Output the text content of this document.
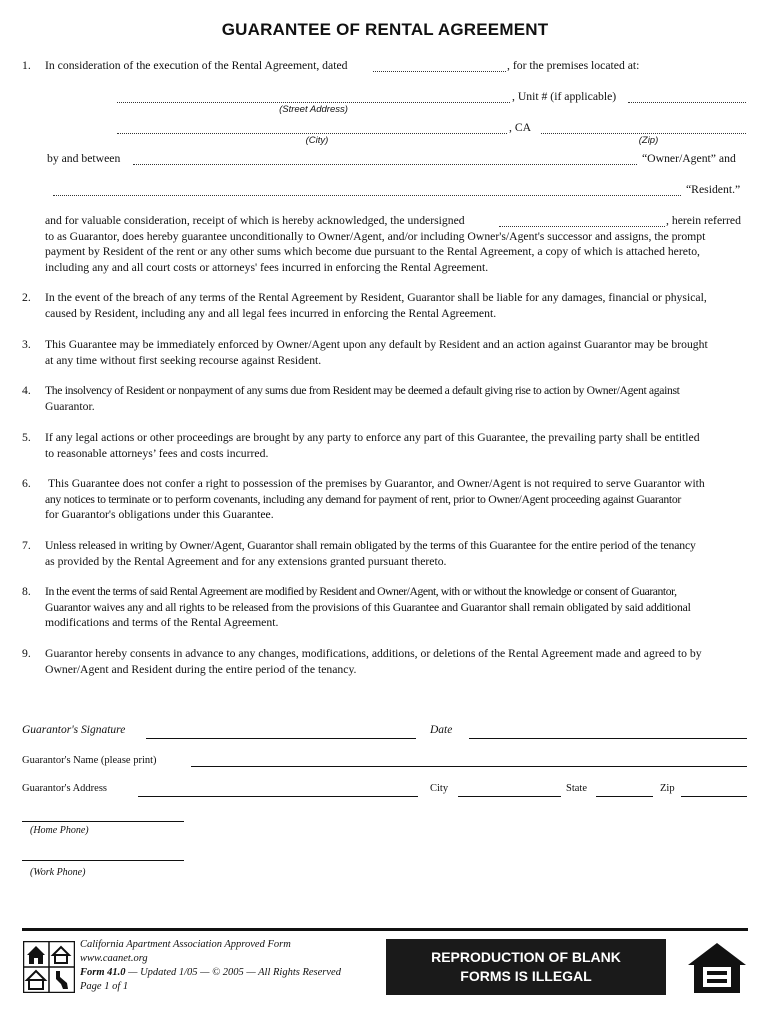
GUARANTEE OF RENTAL AGREEMENT
1. In consideration of the execution of the Rental Agreement, dated	, for the premises located at:
, Unit # (if applicable)
(Street Address)
, CA
(City)	(Zip)
by and between	“Owner/Agent” and
“Resident.”
and for valuable consideration, receipt of which is hereby acknowledged, the undersigned	, herein referred
to as Guarantor, does hereby guarantee unconditionally to Owner/Agent, and/or including Owner's/Agent's successor and assigns, the prompt
payment by Resident of the rent or any other sums which become due pursuant to the Rental Agreement, a copy of which is attached hereto,
including any and all court costs or attorneys' fees incurred in enforcing the Rental Agreement.
2. In the event of the breach of any terms of the Rental Agreement by Resident, Guarantor shall be liable for any damages, financial or physical,
caused by Resident, including any and all legal fees incurred in enforcing the Rental Agreement.
3. This Guarantee may be immediately enforced by Owner/Agent upon any default by Resident and an action against Guarantor may be brought
at any time without first seeking recourse against Resident.
4. The insolvency of Resident or nonpayment of any sums due from Resident may be deemed a default giving rise to action by Owner/Agent against
Guarantor.
5. If any legal actions or other proceedings are brought by any party to enforce any part of this Guarantee, the prevailing party shall be entitled
to reasonable attorneys’ fees and costs incurred.
6. This Guarantee does not confer a right to possession of the premises by Guarantor, and Owner/Agent is not required to serve Guarantor with
any notices to terminate or to perform covenants, including any demand for payment of rent, prior to Owner/Agent proceeding against Guarantor
for Guarantor's obligations under this Guarantee.
7. Unless released in writing by Owner/Agent, Guarantor shall remain obligated by the terms of this Guarantee for the entire period of the tenancy
as provided by the Rental Agreement and for any extensions granted pursuant thereto.
8. In the event the terms of said Rental Agreement are modified by Resident and Owner/Agent, with or without the knowledge or consent of Guarantor,
Guarantor waives any and all rights to be released from the provisions of this Guarantee and Guarantor shall remain obligated by said additional
modifications and terms of the Rental Agreement.
9. Guarantor hereby consents in advance to any changes, modifications, additions, or deletions of the Rental Agreement made and agreed to by
Owner/Agent and Resident during the entire period of the tenancy.
Guarantor's Signature	Date
Guarantor's Name (please print)
Guarantor's Address	City	State	Zip
(Home Phone)
(Work Phone)
California Apartment Association Approved Form
www.caanet.org
Form 41.0 — Updated 1/05 — © 2005 — All Rights Reserved
Page 1 of 1
REPRODUCTION OF BLANK
FORMS IS ILLEGAL
